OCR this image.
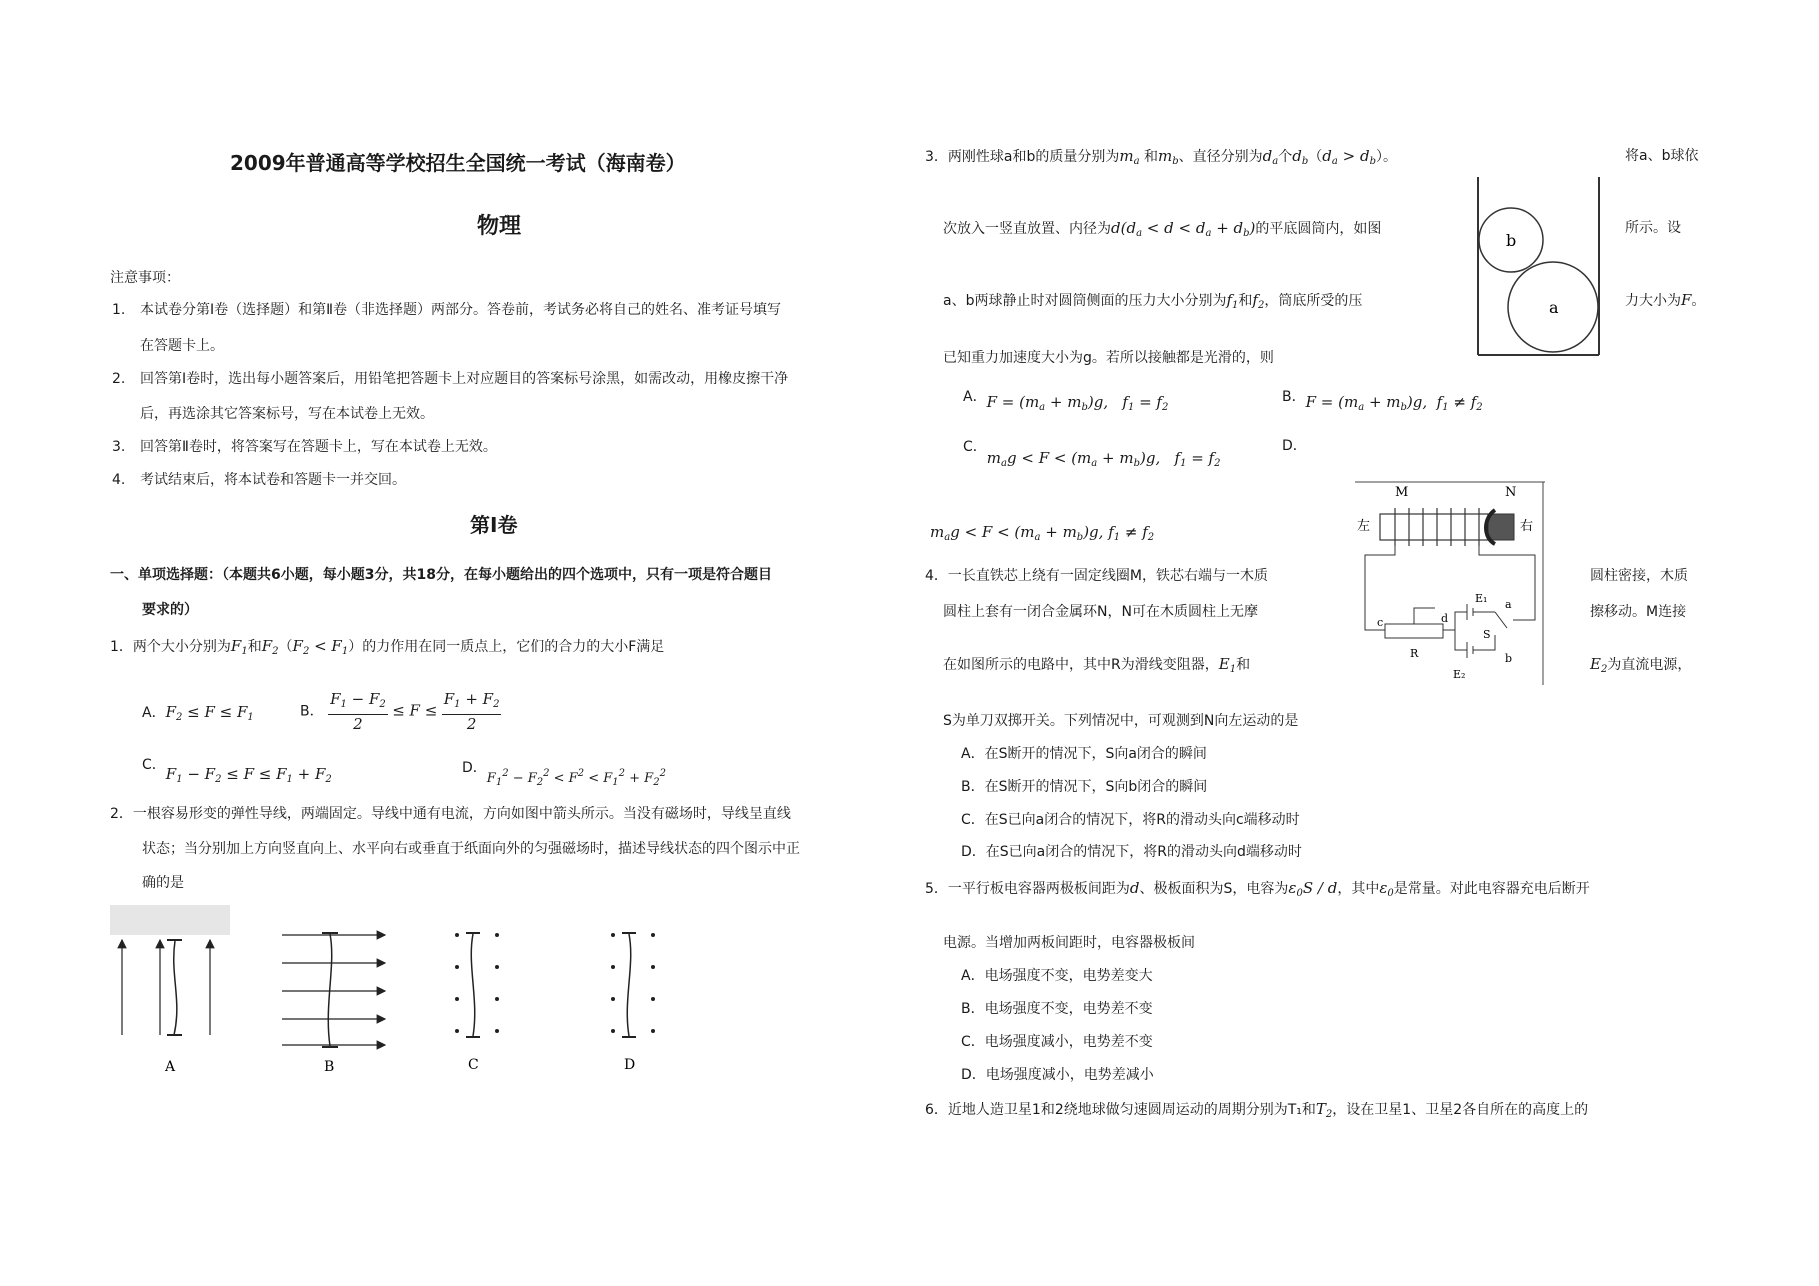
2009年普通高等学校招生全国统一考试（海南卷）
物理
注意事项：
1. 本试卷分第Ⅰ卷（选择题）和第Ⅱ卷（非选择题）两部分。答卷前，考试务必将自己的姓名、准考证号填写
在答题卡上。
2. 回答第Ⅰ卷时，选出每小题答案后，用铅笔把答题卡上对应题目的答案标号涂黑，如需改动，用橡皮擦干净
后，再选涂其它答案标号，写在本试卷上无效。
3. 回答第Ⅱ卷时，将答案写在答题卡上，写在本试卷上无效。
4. 考试结束后，将本试卷和答题卡一并交回。
第Ⅰ卷
一、单项选择题：（本题共6小题，每小题3分，共18分，在每小题给出的四个选项中，只有一项是符合题目
要求的）
1．两个大小分别为$F_1$和$F_2(F_2 < F_1)$的力作用在同一质点上，它们的合力的大小F满足
A．$F_2 \le F \le F_1$	B． $\frac{F_1 - F_2}{2} \le F \le \frac{F_1 + F_2}{2}$
C．$F_1 - F_2 \le F \le F_1 + F_2$
D．$F_1^2 - F_2^2 < F^2 < F_1^2 + F_2^2$
2．一根容易形变的弹性导线，两端固定。导线中通有电流，方向如图中箭头所示。当没有磁场时，导线呈直线
状态；当分别加上方向竖直向上、水平向右或垂直于纸面向外的匀强磁场时，描述导线状态的四个图示中正
确的是
A	B	C	D
3．两刚性球a和b的质量分别为$m_a$ 和$m_b$、直径分别为$d_a$个$d_b(d_a > d_b)$。	将a、b球依
次放入一竖直放置、内径为$d(d_a < d < d_a + d_b)$的平底圆筒内，如图	所示。设
a、b两球静止时对圆筒侧面的压力大小分别为$f_1$和$f_2$，筒底所受的压	力大小为F。
b
a
已知重力加速度大小为g。若所以接触都是光滑的，则
A．$F = (m_a + m_b)g$,   $f_1 = f_2$
B．$F = (m_a + m_b)g$,  $f_1 \ne f_2$
C．$m_ag < F < (m_a + m_b)g$,   $f_1 = f_2$
D．
$m_ag < F < (m_a + m_b)g$, $f_1 \ne f_2$
M	N
左	右
c	d
R
E₁
S
a
b
E₂
4．一长直铁芯上绕有一固定线圈M，铁芯右端与一木质	圆柱密接，木质
圆柱上套有一闭合金属环N，N可在木质圆柱上无摩	擦移动。M连接
在如图所示的电路中，其中R为滑线变阻器，$E_1$和	$E_2$为直流电源，
S为单刀双掷开关。下列情况中，可观测到N向左运动的是
A．在S断开的情况下，S向a闭合的瞬间
B．在S断开的情况下，S向b闭合的瞬间
C．在S已向a闭合的情况下，将R的滑动头向c端移动时
D．在S已向a闭合的情况下，将R的滑动头向d端移动时
5．一平行板电容器两极板间距为d、极板面积为S，电容为$\varepsilon_0S$ / d，其中$\varepsilon_0$是常量。对此电容器充电后断开
电源。当增加两板间距时，电容器极板间
A．电场强度不变，电势差变大
B．电场强度不变，电势差不变
C．电场强度减小，电势差不变
D．电场强度减小，电势差减小
6．近地人造卫星1和2绕地球做匀速圆周运动的周期分别为T₁和$T_2$，设在卫星1、卫星2各自所在的高度上的
